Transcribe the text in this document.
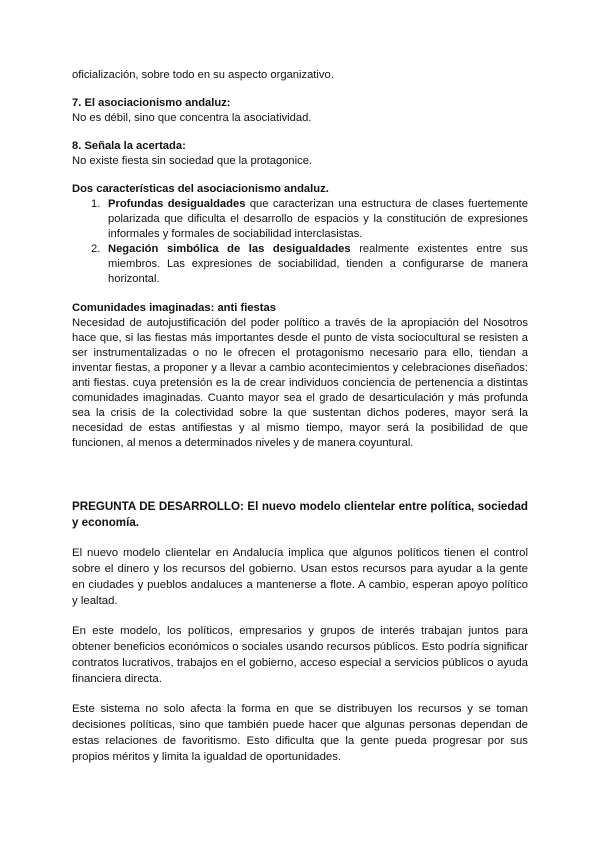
oficialización, sobre todo en su aspecto organizativo.

7. El asociacionismo andaluz:

No es débil, sino que concentra la asociatividad.

8. Señala la acertada:

No existe fiesta sin sociedad que la protagonice.

Dos características del asociacionismo andaluz.

1. Profundas desigualdades que caracterizan una estructura de clases fuertemente polarizada que dificulta el desarrollo de espacios y la constitución de expresiones informales y formales de sociabilidad interclasistas.
2. Negación simbólica de las desigualdades realmente existentes entre sus miembros. Las expresiones de sociabilidad, tienden a configurarse de manera horizontal.

Comunidades imaginadas: anti fiestas

Necesidad de autojustificación del poder político a través de la apropiación del Nosotros hace que, si las fiestas más importantes desde el punto de vista sociocultural se resisten a ser instrumentalizadas o no le ofrecen el protagonismo necesario para ello, tiendan a inventar fiestas, a proponer y a llevar a cambio acontecimientos y celebraciones diseñados: anti fiestas. cuya pretensión es la de crear individuos conciencia de pertenencia a distintas comunidades imaginadas. Cuanto mayor sea el grado de desarticulación y más profunda sea la crisis de la colectividad sobre la que sustentan dichos poderes, mayor será la necesidad de estas antifiestas y al mismo tiempo, mayor será la posibilidad de que funcionen, al menos a determinados niveles y de manera coyuntural.

PREGUNTA DE DESARROLLO: El nuevo modelo clientelar entre política, sociedad y economía.

El nuevo modelo clientelar en Andalucía implica que algunos políticos tienen el control sobre el dinero y los recursos del gobierno. Usan estos recursos para ayudar a la gente en ciudades y pueblos andaluces a mantenerse a flote. A cambio, esperan apoyo político y lealtad.

En este modelo, los políticos, empresarios y grupos de interés trabajan juntos para obtener beneficios económicos o sociales usando recursos públicos. Esto podría significar contratos lucrativos, trabajos en el gobierno, acceso especial a servicios públicos o ayuda financiera directa.

Este sistema no solo afecta la forma en que se distribuyen los recursos y se toman decisiones políticas, sino que también puede hacer que algunas personas dependan de estas relaciones de favoritismo. Esto dificulta que la gente pueda progresar por sus propios méritos y limita la igualdad de oportunidades.
